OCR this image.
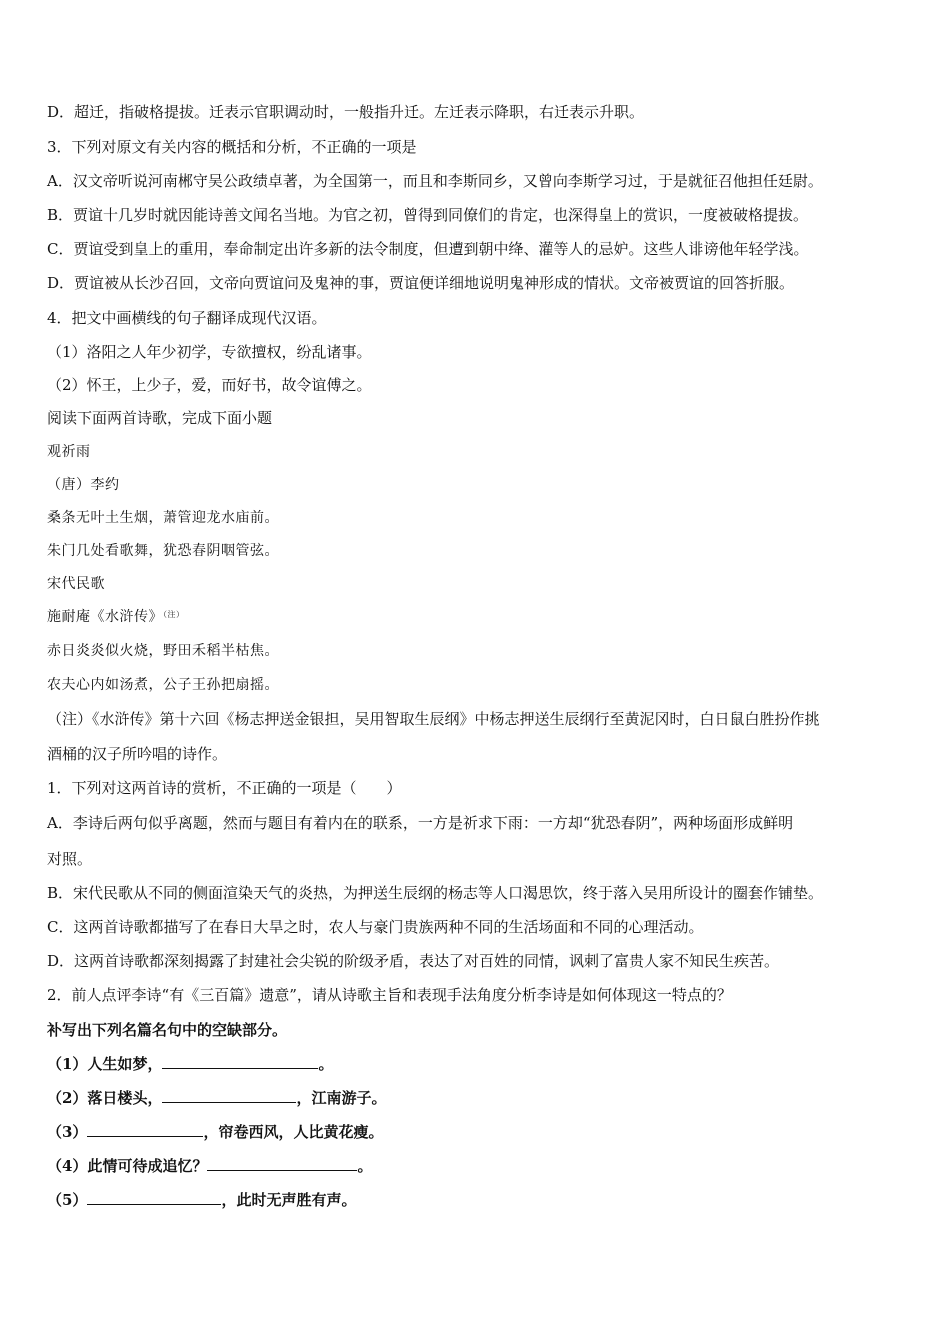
D．超迁，指破格提拔。迁表示官职调动时，一般指升迁。左迁表示降职，右迁表示升职。
3．下列对原文有关内容的概括和分析，不正确的一项是
A．汉文帝听说河南郴守吴公政绩卓著，为全国第一，而且和李斯同乡，又曾向李斯学习过，于是就征召他担任廷尉。
B．贾谊十几岁时就因能诗善文闻名当地。为官之初，曾得到同僚们的肯定，也深得皇上的赏识，一度被破格提拔。
C．贾谊受到皇上的重用，奉命制定出许多新的法令制度，但遭到朝中绛、灌等人的忌妒。这些人诽谤他年轻学浅。
D．贾谊被从长沙召回，文帝向贾谊问及鬼神的事，贾谊便详细地说明鬼神形成的情状。文帝被贾谊的回答折服。
4．把文中画横线的句子翻译成现代汉语。
（1）洛阳之人年少初学，专欲擅权，纷乱诸事。
（2）怀王，上少子，爱，而好书，故令谊傅之。
阅读下面两首诗歌，完成下面小题
观祈雨
（唐）李约
桑条无叶土生烟，萧管迎龙水庙前。
朱门几处看歌舞，犹恐春阴咽管弦。
宋代民歌
施耐庵《水浒传》$^{(注)}$
赤日炎炎似火烧，野田禾稻半枯焦。
农夫心内如汤煮，公子王孙把扇摇。
（注）《水浒传》第十六回《杨志押送金银担，吴用智取生辰纲》中杨志押送生辰纲行至黄泥冈时，白日鼠白胜扮作挑
酒桶的汉子所吟唱的诗作。
1．下列对这两首诗的赏析，不正确的一项是（　　）
A．李诗后两句似乎离题，然而与题目有着内在的联系，一方是祈求下雨：一方却“犹恐春阴”，两种场面形成鲜明
对照。
B．宋代民歌从不同的侧面渲染天气的炎热，为押送生辰纲的杨志等人口渴思饮，终于落入吴用所设计的圈套作铺垫。
C．这两首诗歌都描写了在春日大旱之时，农人与豪门贵族两种不同的生活场面和不同的心理活动。
D．这两首诗歌都深刻揭露了封建社会尖锐的阶级矛盾，表达了对百姓的同情，讽刺了富贵人家不知民生疾苦。
2．前人点评李诗“有《三百篇》遗意”，请从诗歌主旨和表现手法角度分析李诗是如何体现这一特点的？
补写出下列名篇名句中的空缺部分。
（1）人生如梦，	。
（2）落日楼头，	，江南游子。
（3）	，帘卷西风，人比黄花瘦。
（4）此情可待成追忆？	。
（5）	，此时无声胜有声。
